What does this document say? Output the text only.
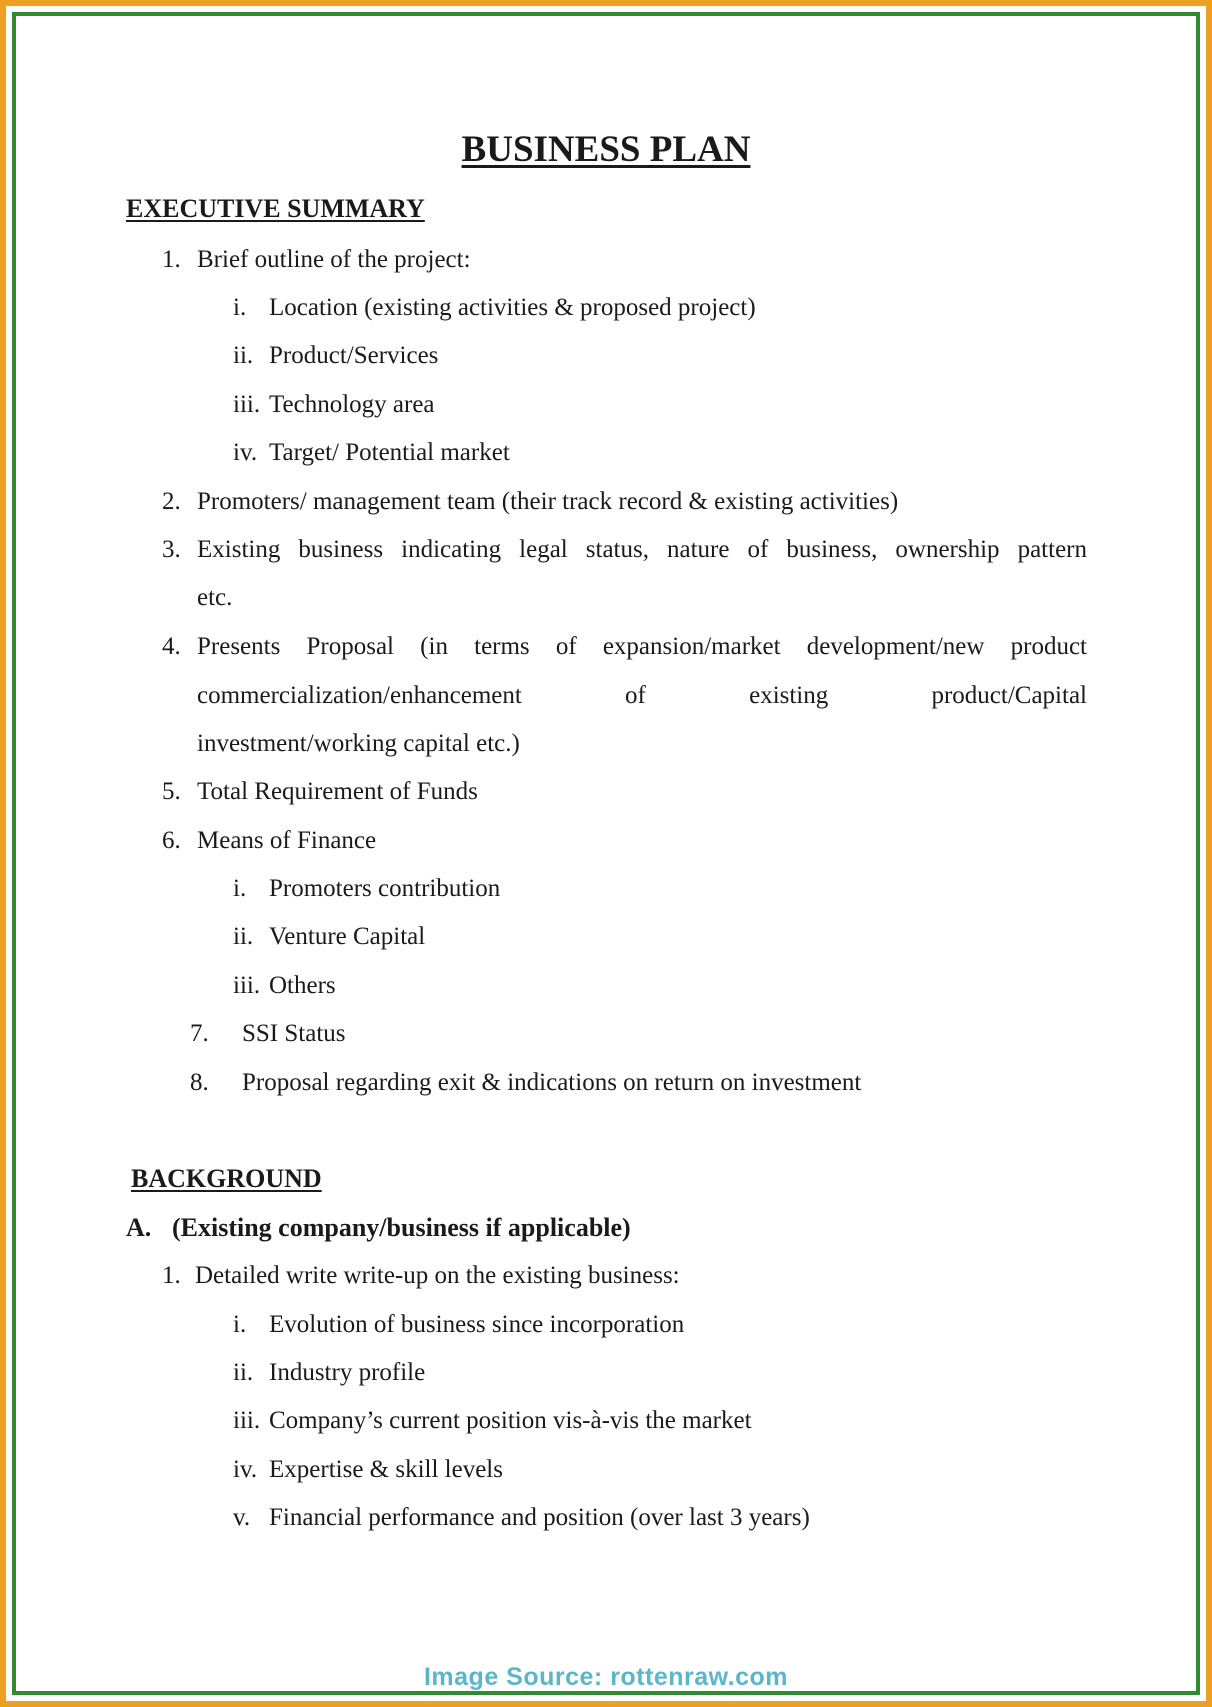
BUSINESS PLAN
EXECUTIVE SUMMARY
1. Brief outline of the project:
i. Location (existing activities & proposed project)
ii. Product/Services
iii. Technology area
iv. Target/ Potential market
2. Promoters/ management team (their track record & existing activities)
3. Existing business indicating legal status, nature of business, ownership pattern
etc.
4. Presents Proposal (in terms of expansion/market development/new product
commercialization/enhancement of existing product/Capital
investment/working capital etc.)
5. Total Requirement of Funds
6. Means of Finance
i. Promoters contribution
ii. Venture Capital
iii. Others
7. SSI Status
8. Proposal regarding exit & indications on return on investment
BACKGROUND
A. (Existing company/business if applicable)
1. Detailed write write-up on the existing business:
i. Evolution of business since incorporation
ii. Industry profile
iii. Company’s current position vis-à-vis the market
iv. Expertise & skill levels
v. Financial performance and position (over last 3 years)
Image Source: rottenraw.com
